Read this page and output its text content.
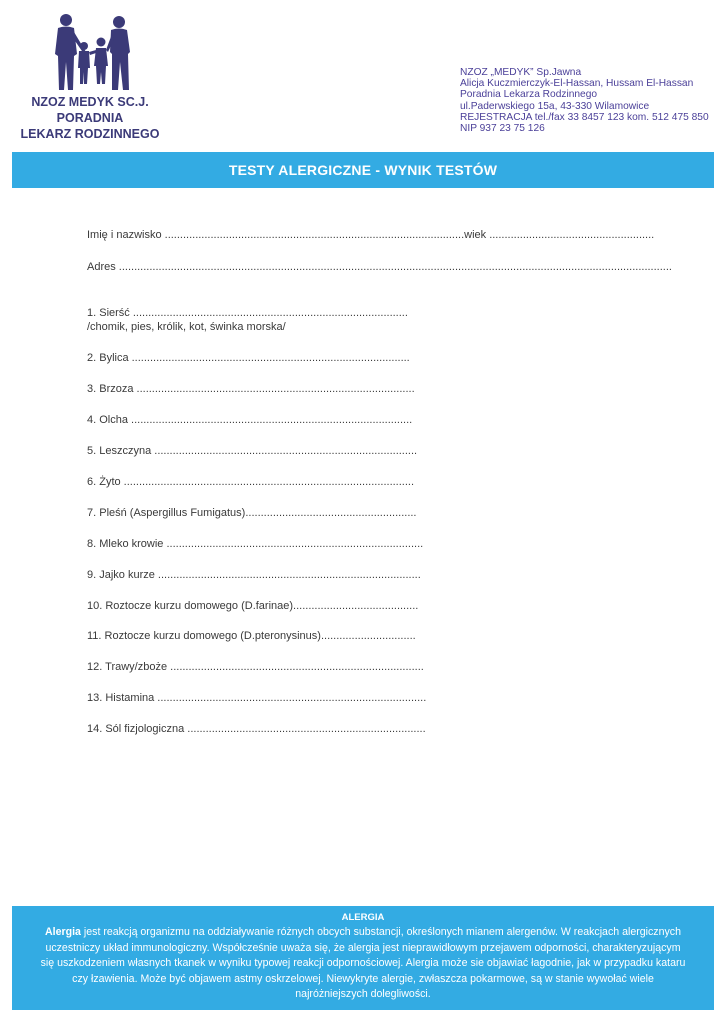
NZOZ MEDYK SC.J.
PORADNIA
LEKARZ RODZINNEGO
NZOZ „MEDYK” Sp.Jawna
Alicja Kuczmierczyk-El-Hassan, Hussam El-Hassan
Poradnia Lekarza Rodzinnego
ul.Paderwskiego 15a, 43-330 Wilamowice
REJESTRACJA tel./fax 33 8457 123 kom. 512 475 850
NIP 937 23 75 126
TESTY ALERGICZNE - WYNIK TESTÓW
Imię i nazwisko ..................................................................................................wiek ......................................................
Adres .....................................................................................................................................................................................
1. Sierść ..........................................................................................
/chomik, pies, królik, kot, świnka morska/
2. Bylica ...........................................................................................
3. Brzoza ...........................................................................................
4. Olcha ............................................................................................
5. Leszczyna ......................................................................................
6. Żyto ...............................................................................................
7. Pleśń (Aspergillus Fumigatus)........................................................
8. Mleko krowie ....................................................................................
9. Jajko kurze ......................................................................................
10. Roztocze kurzu domowego (D.farinae).........................................
11. Roztocze kurzu domowego (D.pteronysinus)...............................
12. Trawy/zboże ...................................................................................
13. Histamina ........................................................................................
14. Sól fizjologiczna ..............................................................................
ALERGIA
Alergia jest reakcją organizmu na oddziaływanie różnych obcych substancji, określonych mianem alergenów. W reakcjach alergicznych
uczestniczy układ immunologiczny. Współcześnie uważa się, że alergia jest nieprawidłowym przejawem odporności, charakteryzującym
się uszkodzeniem własnych tkanek w wyniku typowej reakcji odpornościowej. Alergia może sie objawiać łagodnie, jak w przypadku kataru
czy łzawienia. Może być objawem astmy oskrzelowej. Niewykryte alergie, zwłaszcza pokarmowe, są w stanie wywołać wiele
najróżniejszych dolegliwości.
